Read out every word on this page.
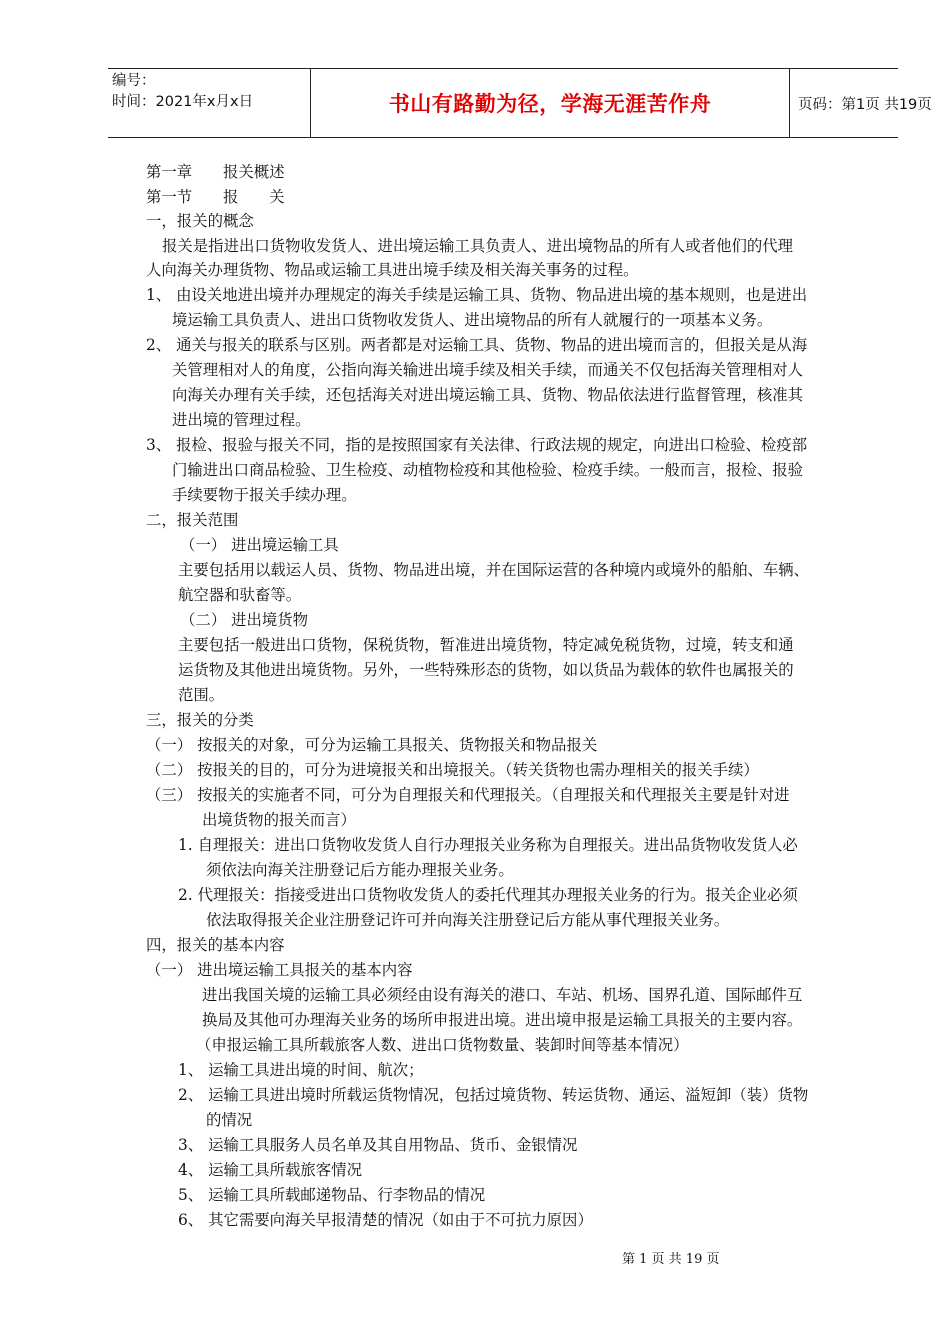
编号：
时间：2021年x月x日	书山有路勤为径，学海无涯苦作舟	页码：第1页 共19页
第一章　　报关概述
第一节　　报　　关
一，报关的概念
报关是指进出口货物收发货人、进出境运输工具负责人、进出境物品的所有人或者他们的代理
人向海关办理货物、物品或运输工具进出境手续及相关海关事务的过程。
1、 由设关地进出境并办理规定的海关手续是运输工具、货物、物品进出境的基本规则，也是进出
境运输工具负责人、进出口货物收发货人、进出境物品的所有人就履行的一项基本义务。
2、 通关与报关的联系与区别。两者都是对运输工具、货物、物品的进出境而言的，但报关是从海
关管理相对人的角度，公指向海关输进出境手续及相关手续，而通关不仅包括海关管理相对人
向海关办理有关手续，还包括海关对进出境运输工具、货物、物品依法进行监督管理，核准其
进出境的管理过程。
3、 报检、报验与报关不同，指的是按照国家有关法律、行政法规的规定，向进出口检验、检疫部
门输进出口商品检验、卫生检疫、动植物检疫和其他检验、检疫手续。一般而言，报检、报验
手续要物于报关手续办理。
二，报关范围
（一） 进出境运输工具
主要包括用以载运人员、货物、物品进出境，并在国际运营的各种境内或境外的船舶、车辆、
航空器和驮畜等。
（二） 进出境货物
主要包括一般进出口货物，保税货物，暂准进出境货物，特定减免税货物，过境，转支和通
运货物及其他进出境货物。另外，一些特殊形态的货物，如以货品为载体的软件也属报关的
范围。
三，报关的分类
（一） 按报关的对象，可分为运输工具报关、货物报关和物品报关
（二） 按报关的目的，可分为进境报关和出境报关。（转关货物也需办理相关的报关手续）
（三） 按报关的实施者不同，可分为自理报关和代理报关。（自理报关和代理报关主要是针对进
出境货物的报关而言）
1. 自理报关：进出口货物收发货人自行办理报关业务称为自理报关。进出品货物收发货人必
须依法向海关注册登记后方能办理报关业务。
2. 代理报关：指接受进出口货物收发货人的委托代理其办理报关业务的行为。报关企业必须
依法取得报关企业注册登记许可并向海关注册登记后方能从事代理报关业务。
四，报关的基本内容
（一） 进出境运输工具报关的基本内容
进出我国关境的运输工具必须经由设有海关的港口、车站、机场、国界孔道、国际邮件互
换局及其他可办理海关业务的场所申报进出境。进出境申报是运输工具报关的主要内容。
（申报运输工具所载旅客人数、进出口货物数量、装卸时间等基本情况）
1、 运输工具进出境的时间、航次；
2、 运输工具进出境时所载运货物情况，包括过境货物、转运货物、通运、溢短卸（装）货物
的情况
3、 运输工具服务人员名单及其自用物品、货币、金银情况
4、 运输工具所载旅客情况
5、 运输工具所载邮递物品、行李物品的情况
6、 其它需要向海关早报清楚的情况（如由于不可抗力原因）
第 1 页 共 19 页
